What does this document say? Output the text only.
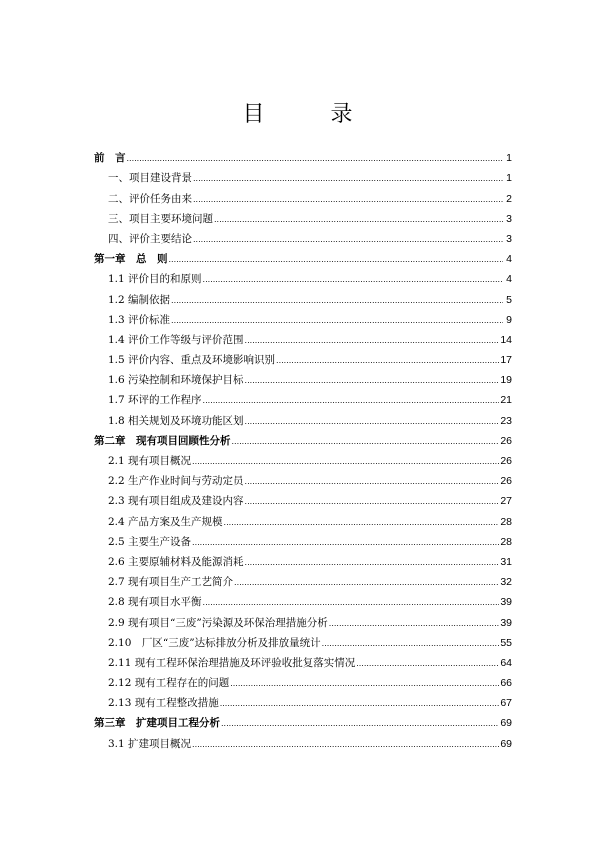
目　录
前　言 .....	1
一、项目建设背景 .....	1
二、评价任务由来 .....	2
三、项目主要环境问题 .....	3
四、评价主要结论 .....	3
第一章　总　则 .....	4
1.1 评价目的和原则 .....	4
1.2 编制依据 .....	5
1.3 评价标准 .....	9
1.4 评价工作等级与评价范围 .....	14
1.5 评价内容、重点及环境影响识别 .....	17
1.6 污染控制和环境保护目标 .....	19
1.7 环评的工作程序 .....	21
1.8 相关规划及环境功能区划 .....	23
第二章　现有项目回顾性分析 .....	26
2.1 现有项目概况 .....	26
2.2 生产作业时间与劳动定员 .....	26
2.3 现有项目组成及建设内容 .....	27
2.4 产品方案及生产规模 .....	28
2.5 主要生产设备 .....	28
2.6 主要原辅材料及能源消耗 .....	31
2.7 现有项目生产工艺简介 .....	32
2.8 现有项目水平衡 .....	39
2.9 现有项目“三废”污染源及环保治理措施分析 .....	39
2.10　厂区“三废”达标排放分析及排放量统计 .....	55
2.11 现有工程环保治理措施及环评验收批复落实情况 .....	64
2.12 现有工程存在的问题 .....	66
2.13 现有工程整改措施 .....	67
第三章　扩建项目工程分析 .....	69
3.1 扩建项目概况 .....	69
